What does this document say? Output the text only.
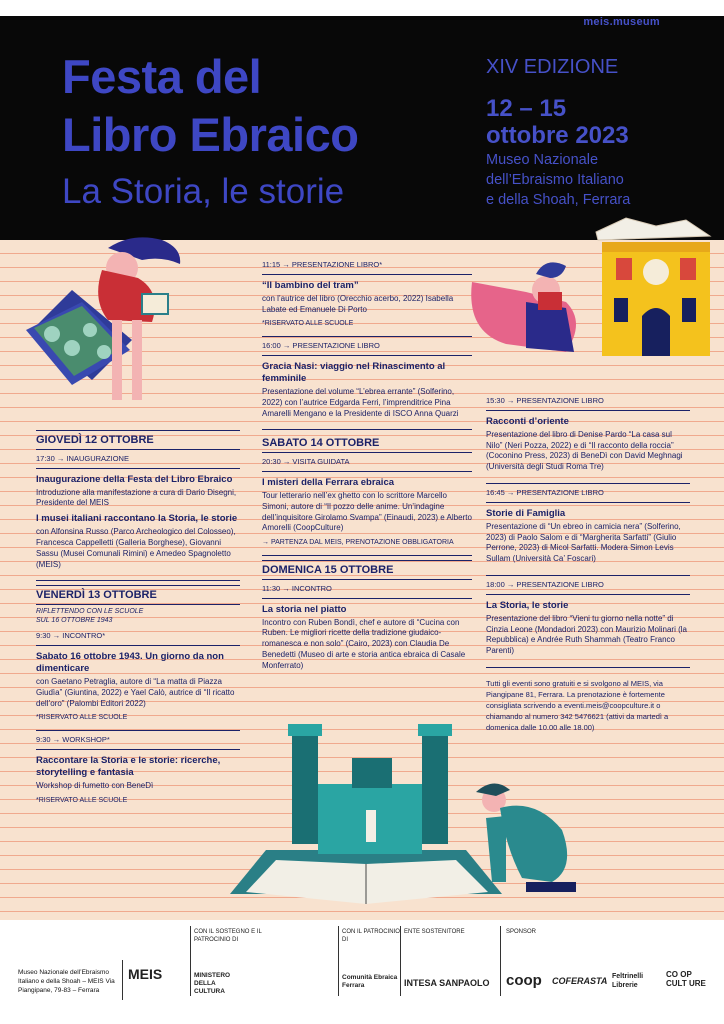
meis.museum
Festa del
Libro Ebraico
La Storia, le storie
XIV EDIZIONE
12 – 15
ottobre 2023
Museo Nazionale
dell’Ebraismo Italiano
e della Shoah, Ferrara
GIOVEDÌ 12 OTTOBRE
17:30 → INAUGURAZIONE

Inaugurazione della Festa del Libro Ebraico

Introduzione alla manifestazione a cura di Dario Disegni, Presidente del MEIS

I musei italiani raccontano la Storia, le storie

con Alfonsina Russo (Parco Archeologico del Colosseo), Francesca Cappelletti (Galleria Borghese), Giovanni Sassu (Musei Comunali Rimini) e Amedeo Spagnoletto (MEIS)

VENERDÌ 13 OTTOBRE
RIFLETTENDO CON LE SCUOLE
SUL 16 OTTOBRE 1943
9:30 → INCONTRO*

Sabato 16 ottobre 1943. Un giorno da non dimenticare

con Gaetano Petraglia, autore di “La matta di Piazza Giudìa” (Giuntina, 2022) e Yael Calò, autrice di “Il ricatto dell’oro” (Palombi Editori 2022)

*RISERVATO ALLE SCUOLE

9:30 → WORKSHOP*

Raccontare la Storia e le storie: ricerche, storytelling e fantasia

Workshop di fumetto con BeneDì

*RISERVATO ALLE SCUOLE

11:15 → PRESENTAZIONE LIBRO*

“Il bambino del tram”

con l’autrice del libro (Orecchio acerbo, 2022) Isabella Labate ed Emanuele Di Porto

*RISERVATO ALLE SCUOLE

16:00 → PRESENTAZIONE LIBRO

Gracia Nasi: viaggio nel Rinascimento al femminile

Presentazione del volume “L’ebrea errante” (Solferino, 2022) con l’autrice Edgarda Ferri, l’imprenditrice Pina Amarelli Mengano e la Presidente di ISCO Anna Quarzi

SABATO 14 OTTOBRE
20:30 → VISITA GUIDATA

I misteri della Ferrara ebraica

Tour letterario nell’ex ghetto con lo scrittore Marcello Simoni, autore di “Il pozzo delle anime. Un’indagine dell’inquisitore Girolamo Svampa” (Einaudi, 2023) e Alberto Amorelli (CoopCulture)

→ PARTENZA DAL MEIS, PRENOTAZIONE OBBLIGATORIA

DOMENICA 15 OTTOBRE
11:30 → INCONTRO

La storia nel piatto

Incontro con Ruben Bondì, chef e autore di “Cucina con Ruben. Le migliori ricette della tradizione giudaico-romanesca e non solo” (Cairo, 2023) con Claudia De Benedetti (Museo di arte e storia antica ebraica di Casale Monferrato)

15:30 → PRESENTAZIONE LIBRO

Racconti d’oriente

Presentazione del libro di Denise Pardo “La casa sul Nilo” (Neri Pozza, 2022) e di “Il racconto della roccia” (Coconino Press, 2023) di BeneDì con David Meghnagi (Università degli Studi Roma Tre)

16:45 → PRESENTAZIONE LIBRO

Storie di Famiglia

Presentazione di “Un ebreo in camicia nera” (Solferino, 2023) di Paolo Salom e di “Margherita Sarfatti” (Giulio Perrone, 2023) di Micol Sarfatti. Modera Simon Levis Sullam (Università Ca’ Foscari)

18:00 → PRESENTAZIONE LIBRO

La Storia, le storie

Presentazione del libro “Vieni tu giorno nella notte” di Cinzia Leone (Mondadori 2023) con Maurizio Molinari (la Repubblica) e Andrée Ruth Shammah (Teatro Franco Parenti)

Tutti gli eventi sono gratuiti e si svolgono al MEIS, via Piangipane 81, Ferrara. La prenotazione è fortemente consigliata scrivendo a eventi.meis@coopculture.it o chiamando al numero 342 5476621 (attivi da martedì a domenica dalle 10.00 alle 18.00)
Museo Nazionale dell’Ebraismo Italiano e della Shoah – MEIS Via Piangipane, 79-83 – Ferrara
MEIS
CON IL SOSTEGNO E IL PATROCINIO DI
MINISTERO DELLA CULTURA
CON IL PATROCINIO DI
Comunità Ebraica Ferrara
ENTE SOSTENITORE
INTESA SANPAOLO
SPONSOR
coop COFERASTA Feltrinelli Librerie
CO OP CULT URE
